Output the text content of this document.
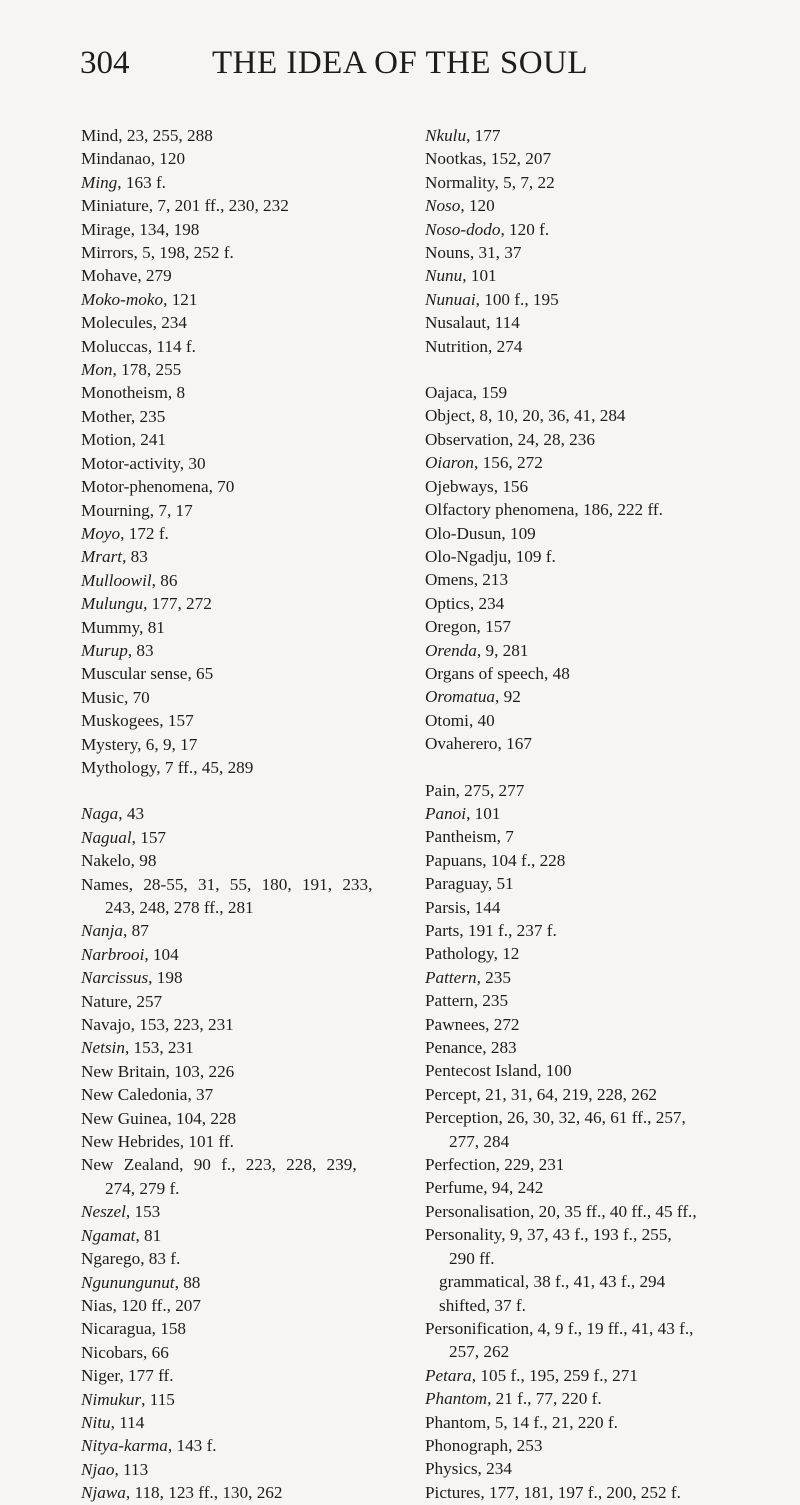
304	THE IDEA OF THE SOUL
Mind, 23, 255, 288
Mindanao, 120
Ming, 163 f.
Miniature, 7, 201 ff., 230, 232
Mirage, 134, 198
Mirrors, 5, 198, 252 f.
Mohave, 279
Moko-moko, 121
Molecules, 234
Moluccas, 114 f.
Mon, 178, 255
Monotheism, 8
Mother, 235
Motion, 241
Motor-activity, 30
Motor-phenomena, 70
Mourning, 7, 17
Moyo, 172 f.
Mrart, 83
Mulloowil, 86
Mulungu, 177, 272
Mummy, 81
Murup, 83
Muscular sense, 65
Music, 70
Muskogees, 157
Mystery, 6, 9, 17
Mythology, 7 ff., 45, 289
Naga, 43
Nagual, 157
Nakelo, 98
Names, 28-55, 31, 55, 180, 191, 233,
243, 248, 278 ff., 281
Nanja, 87
Narbrooi, 104
Narcissus, 198
Nature, 257
Navajo, 153, 223, 231
Netsin, 153, 231
New Britain, 103, 226
New Caledonia, 37
New Guinea, 104, 228
New Hebrides, 101 ff.
New Zealand, 90 f., 223, 228, 239,
274, 279 f.
Neszel, 153
Ngamat, 81
Ngarego, 83 f.
Ngunungunut, 88
Nias, 120 ff., 207
Nicaragua, 158
Nicobars, 66
Niger, 177 ff.
Nimukur, 115
Nitu, 114
Nitya-karma, 143 f.
Njao, 113
Njawa, 118, 123 ff., 130, 262
Nkulu, 177
Nootkas, 152, 207
Normality, 5, 7, 22
Noso, 120
Noso-dodo, 120 f.
Nouns, 31, 37
Nunu, 101
Nunuai, 100 f., 195
Nusalaut, 114
Nutrition, 274
Oajaca, 159
Object, 8, 10, 20, 36, 41, 284
Observation, 24, 28, 236
Oiaron, 156, 272
Ojebways, 156
Olfactory phenomena, 186, 222 ff.
Olo-Dusun, 109
Olo-Ngadju, 109 f.
Omens, 213
Optics, 234
Oregon, 157
Orenda, 9, 281
Organs of speech, 48
Oromatua, 92
Otomi, 40
Ovaherero, 167
Pain, 275, 277
Panoi, 101
Pantheism, 7
Papuans, 104 f., 228
Paraguay, 51
Parsis, 144
Parts, 191 f., 237 f.
Pathology, 12
Pattern, 235
Pattern, 235
Pawnees, 272
Penance, 283
Pentecost Island, 100
Percept, 21, 31, 64, 219, 228, 262
Perception, 26, 30, 32, 46, 61 ff., 257,
277, 284
Perfection, 229, 231
Perfume, 94, 242
Personalisation, 20, 35 ff., 40 ff., 45 ff.,
Personality, 9, 37, 43 f., 193 f., 255,
290 ff.
grammatical, 38 f., 41, 43 f., 294
shifted, 37 f.
Personification, 4, 9 f., 19 ff., 41, 43 f.,
257, 262
Petara, 105 f., 195, 259 f., 271
Phantom, 21 f., 77, 220 f.
Phantom, 5, 14 f., 21, 220 f.
Phonograph, 253
Physics, 234
Pictures, 177, 181, 197 f., 200, 252 f.
